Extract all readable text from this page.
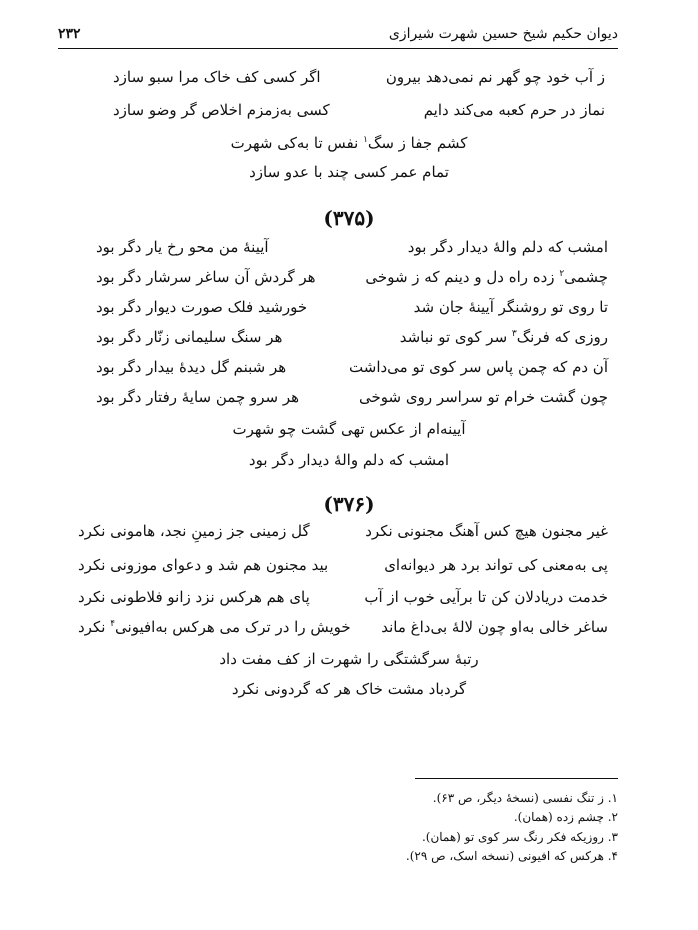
دیوان حکیم شیخ حسین شهرت شیرازی
۲۳۲
ز آب خود چو گهر نم نمی‌دهد بیرون
اگر کسی کف خاک مرا سبو سازد
نماز در حرم کعبه می‌کند دایم
کسی به‌زمزم اخلاص گر وضو سازد
کشم جفا ز سگ$^۱$ نفس تا به‌کی شهرت
تمام عمر کسی چند با عدو سازد
(۳۷۵)
امشب که دلم والهٔ دیدار دگر بود
آیینهٔ من محو رخ یار دگر بود
چشمی$^۲$ زده راه دل و دینم که ز شوخی
هر گردش آن ساغر سرشار دگر بود
تا روی تو روشنگر آیینهٔ جان شد
خورشید فلک صورت دیوار دگر بود
روزی که فرنگ$^۳$ سر کوی تو نباشد
هر سنگ سلیمانی زنّار دگر بود
آن دم که چمن پاس سر کوی تو می‌داشت
هر شبنم گل دیدهٔ بیدار دگر بود
چون گشت خرام تو سراسر روی شوخی
هر سرو چمن سایهٔ رفتار دگر بود
آیینه‌ام از عکس تهی گشت چو شهرت
امشب که دلم والهٔ دیدار دگر بود
(۳۷۶)
غیر مجنون هیچ کس آهنگ مجنونی نکرد
گل زمینی جز زمینِ نجد، هامونی نکرد
پی به‌معنی کی تواند برد هر دیوانه‌ای
بید مجنون هم شد و دعوای موزونی نکرد
خدمت دریادلان کن تا برآیی خوب از آب
پای هم هرکس نزد زانو فلاطونی نکرد
ساغر خالی به‌او چون لالهٔ بی‌داغ ماند
خویش را در ترک می هرکس به‌افیونی$^۴$ نکرد
رتبهٔ سرگشتگی را شهرت از کف مفت داد
گردباد مشت خاک هر که گردونی نکرد
۱. ز تنگ نفسی (نسخهٔ دیگر، ص ۶۳).
۲. چشم زده (همان).
۳. روزیکه فکر رنگ سر کوی تو (همان).
۴. هرکس که افیونی (نسخه اسک، ص ۲۹).
